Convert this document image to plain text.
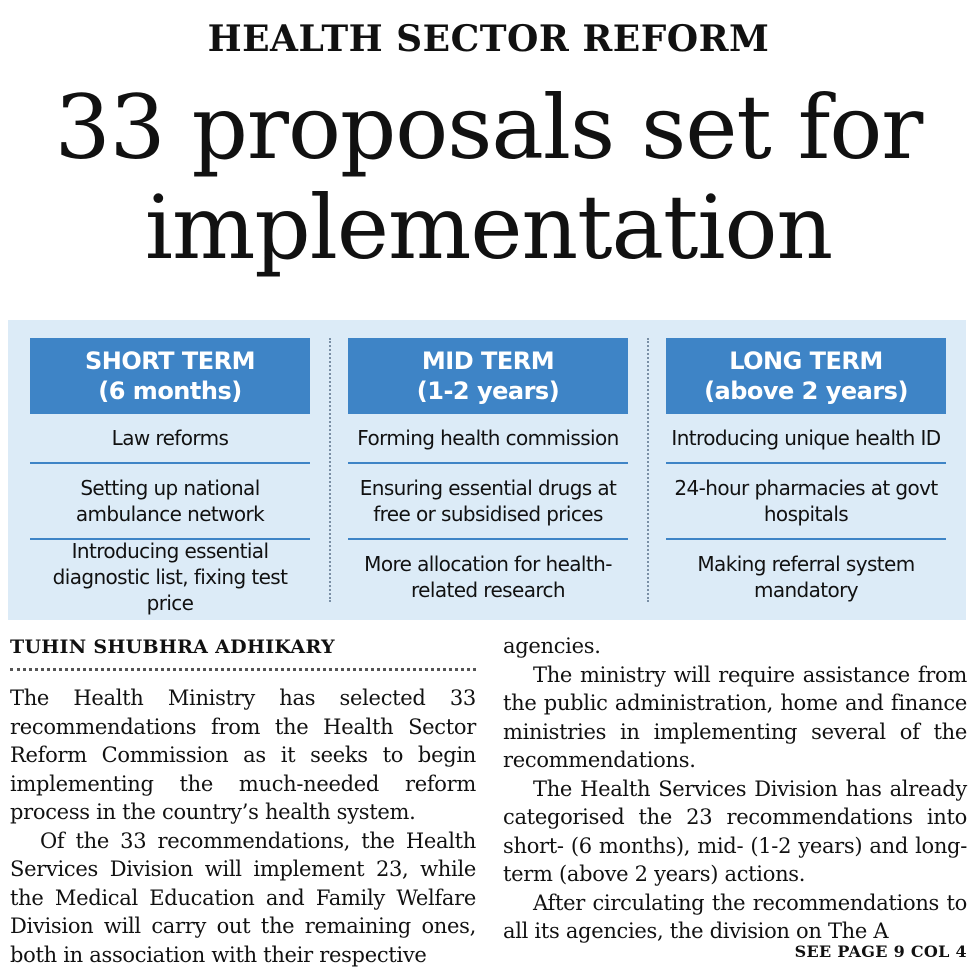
HEALTH SECTOR REFORM
33 proposals set for
implementation
SHORT TERM
(6 months)
Law reforms
Setting up national ambulance network
Introducing essential diagnostic list, fixing test price
MID TERM
(1-2 years)
Forming health commission
Ensuring essential drugs at free or subsidised prices
More allocation for health-related research
LONG TERM
(above 2 years)
Introducing unique health ID
24-hour pharmacies at govt hospitals
Making referral system mandatory
TUHIN SHUBHRA ADHIKARY

The Health Ministry has selected 33 recommendations from the Health Sector Reform Commission as it seeks to begin implementing the much-needed reform process in the country’s health system.

Of the 33 recommendations, the Health Services Division will implement 23, while the Medical Education and Family Welfare Division will carry out the remaining ones, both in association with their respective

agencies.

The ministry will require assistance from the public administration, home and finance ministries in implementing several of the recommendations.

The Health Services Division has already categorised the 23 recommendations into short- (6 months), mid- (1-2 years) and long-term (above 2 years) actions.

After circulating the recommendations to all its agencies, the division on The A

SEE PAGE 9 COL 4
